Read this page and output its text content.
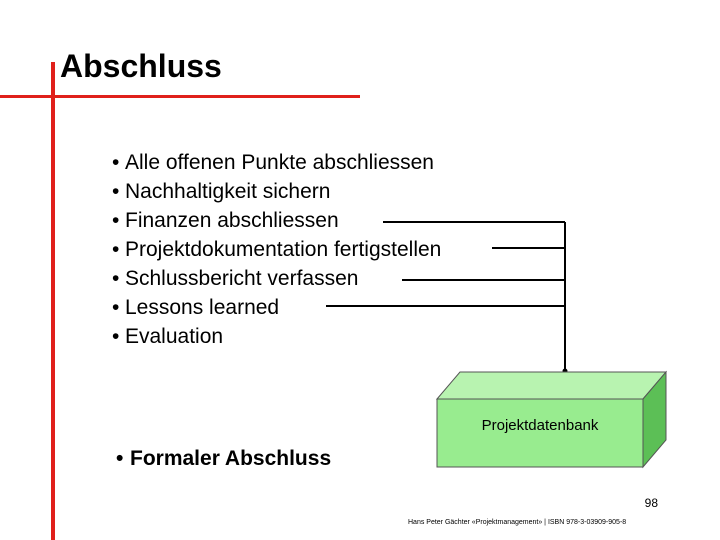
Abschluss
• Alle offenen Punkte abschliessen
• Nachhaltigkeit sichern
• Finanzen abschliessen
• Projektdokumentation fertigstellen
• Schlussbericht verfassen
• Lessons learned
• Evaluation
Projektdatenbank
• Formaler Abschluss
98
Hans Peter Gächter «Projektmanagement» | ISBN 978-3-03909-905-8
